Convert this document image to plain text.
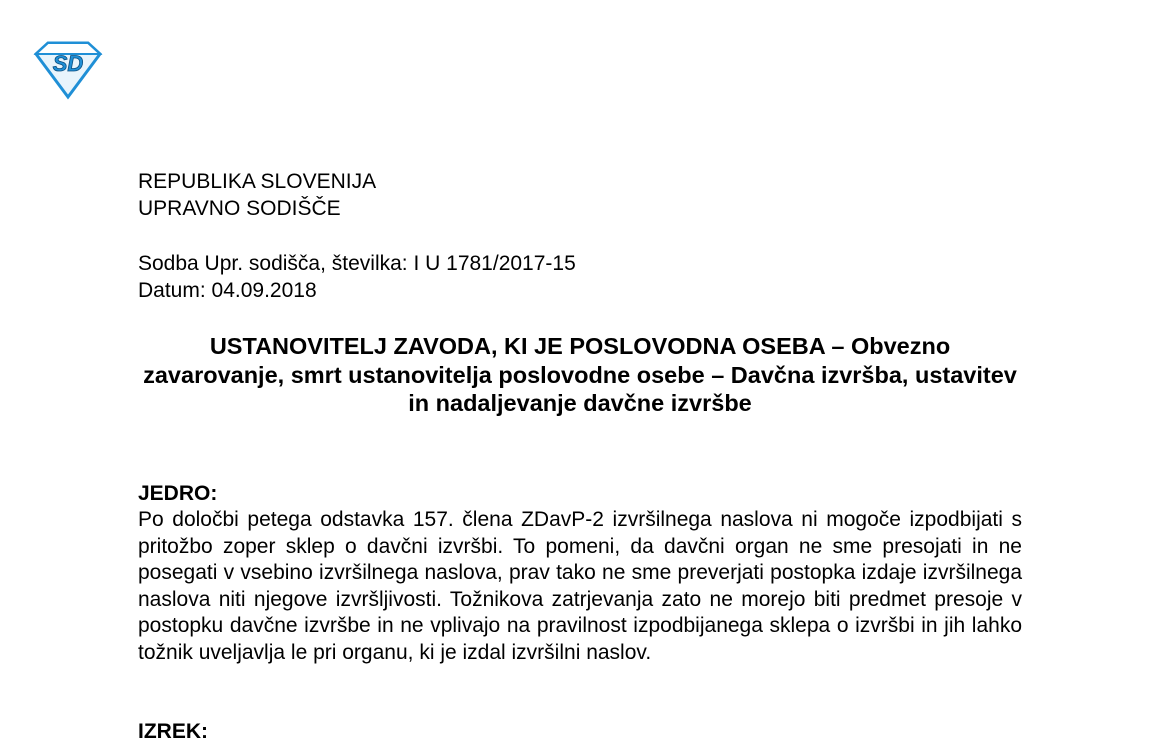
SD
REPUBLIKA SLOVENIJA
UPRAVNO SODIŠČE
Sodba Upr. sodišča, številka: I U 1781/2017-15
Datum: 04.09.2018
USTANOVITELJ ZAVODA, KI JE POSLOVODNA OSEBA – Obvezno zavarovanje, smrt ustanovitelja poslovodne osebe – Davčna izvršba, ustavitev in nadaljevanje davčne izvršbe
JEDRO:
Po določbi petega odstavka 157. člena ZDavP-2 izvršilnega naslova ni mogoče izpodbijati s pritožbo zoper sklep o davčni izvršbi. To pomeni, da davčni organ ne sme presojati in ne posegati v vsebino izvršilnega naslova, prav tako ne sme preverjati postopka izdaje izvršilnega naslova niti njegove izvršljivosti. Tožnikova zatrjevanja zato ne morejo biti predmet presoje v postopku davčne izvršbe in ne vplivajo na pravilnost izpodbijanega sklepa o izvršbi in jih lahko tožnik uveljavlja le pri organu, ki je izdal izvršilni naslov.
IZREK:
